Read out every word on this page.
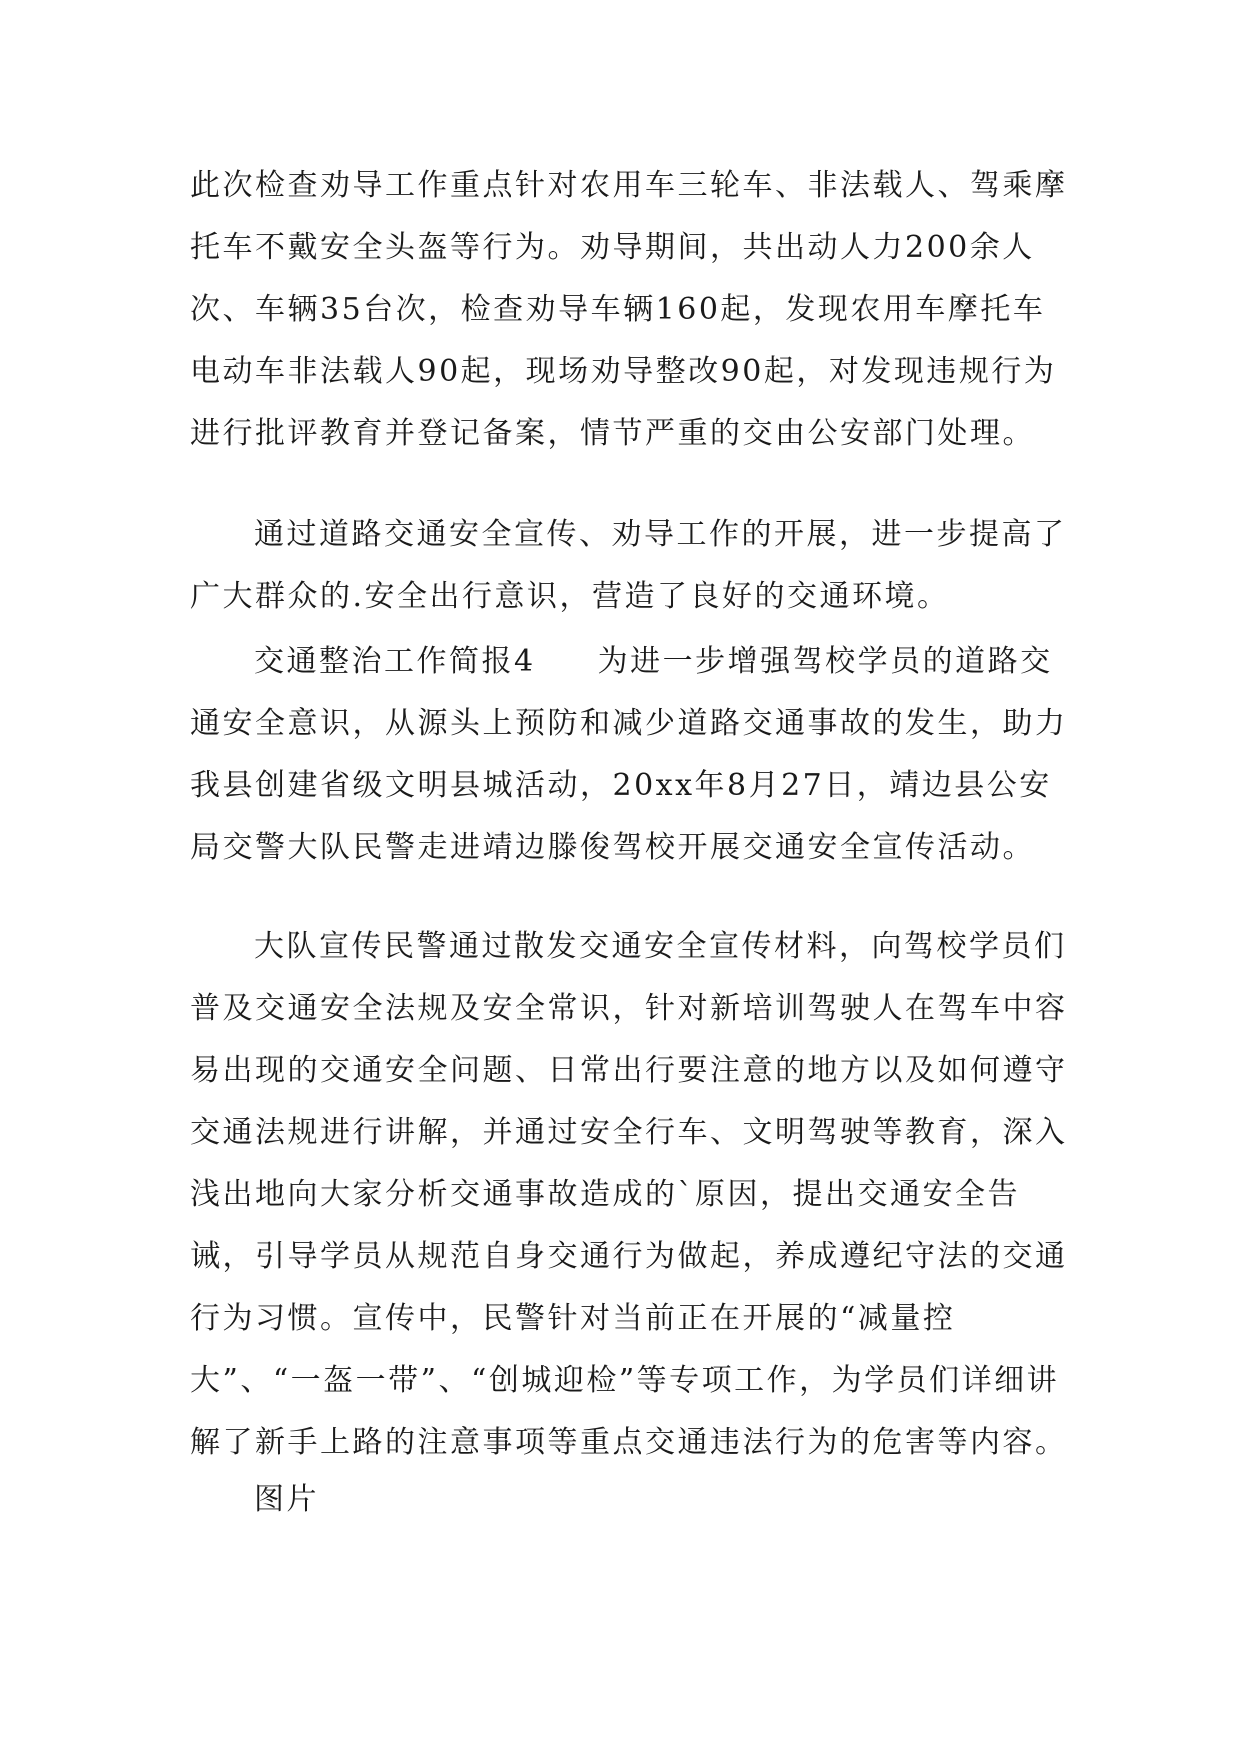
此次检查劝导工作重点针对农用车三轮车、非法载人、驾乘摩托车不戴安全头盔等行为。劝导期间，共出动人力200余人次、车辆35台次，检查劝导车辆160起，发现农用车摩托车电动车非法载人90起，现场劝导整改90起，对发现违规行为进行批评教育并登记备案，情节严重的交由公安部门处理。

通过道路交通安全宣传、劝导工作的开展，进一步提高了广大群众的.安全出行意识，营造了良好的交通环境。

交通整治工作简报4 为进一步增强驾校学员的道路交通安全意识，从源头上预防和减少道路交通事故的发生，助力我县创建省级文明县城活动，20xx年8月27日，靖边县公安局交警大队民警走进靖边滕俊驾校开展交通安全宣传活动。

大队宣传民警通过散发交通安全宣传材料，向驾校学员们普及交通安全法规及安全常识，针对新培训驾驶人在驾车中容易出现的交通安全问题、日常出行要注意的地方以及如何遵守交通法规进行讲解，并通过安全行车、文明驾驶等教育，深入浅出地向大家分析交通事故造成的`原因，提出交通安全告诫，引导学员从规范自身交通行为做起，养成遵纪守法的交通行为习惯。宣传中，民警针对当前正在开展的“减量控大”、“一盔一带”、“创城迎检”等专项工作，为学员们详细讲解了新手上路的注意事项等重点交通违法行为的危害等内容。

图片
